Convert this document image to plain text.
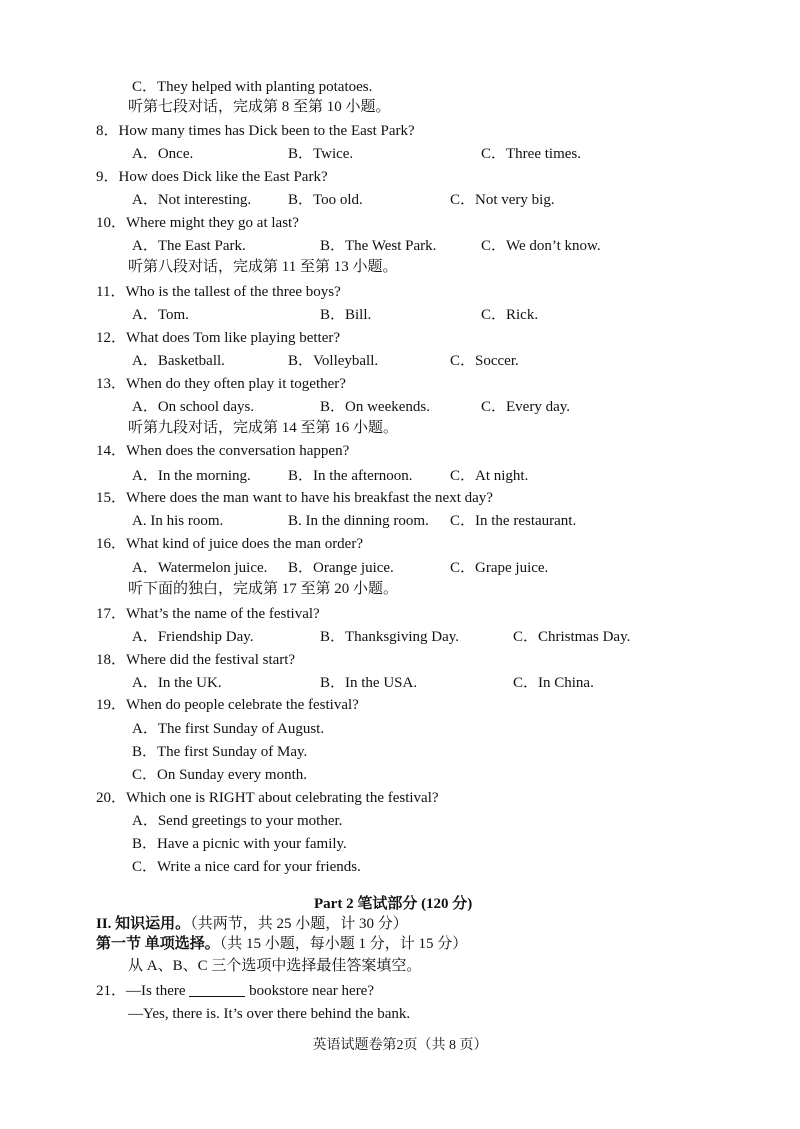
C．They helped with planting potatoes.
听第七段对话，完成第 8 至第 10 小题。
8．How many times has Dick been to the East Park?
A．Once.	B．Twice.	C．Three times.
9．How does Dick like the East Park?
A．Not interesting. B．Too old.	C．Not very big.
10．Where might they go at last?
A．The East Park.	B．The West Park.	C．We don’t know.
听第八段对话，完成第 11 至第 13 小题。
11．Who is the tallest of the three boys?
A．Tom.	B．Bill.	C．Rick.
12．What does Tom like playing better?
A．Basketball.	B．Volleyball.	C．Soccer.
13．When do they often play it together?
A．On school days.	B．On weekends.	C．Every day.
听第九段对话，完成第 14 至第 16 小题。
14．When does the conversation happen?
A．In the morning. B．In the afternoon. C．At night.
15．Where does the man want to have his breakfast the next day?
A. In his room.	B. In the dinning room. C．In the restaurant.
16．What kind of juice does the man order?
A．Watermelon juice. B．Orange juice.	C．Grape juice.
听下面的独白，完成第 17 至第 20 小题。
17．What’s the name of the festival?
A．Friendship Day.	B．Thanksgiving Day.	C．Christmas Day.
18．Where did the festival start?
A．In the UK.	B．In the USA.	C．In China.
19．When do people celebrate the festival?
A．The first Sunday of August.
B．The first Sunday of May.
C．On Sunday every month.
20．Which one is RIGHT about celebrating the festival?
A．Send greetings to your mother.
B．Have a picnic with your family.
C．Write a nice card for your friends.
Part 2 笔试部分 (120 分)
II. 知识运用。（共两节，共 25 小题，计 30 分）
第一节 单项选择。（共 15 小题，每小题 1 分，计 15 分）
从 A、B、C 三个选项中选择最佳答案填空。
21．—Is there	bookstore near here?
—Yes, there is. It’s over there behind the bank.
英语试题卷第2页（共 8 页）
